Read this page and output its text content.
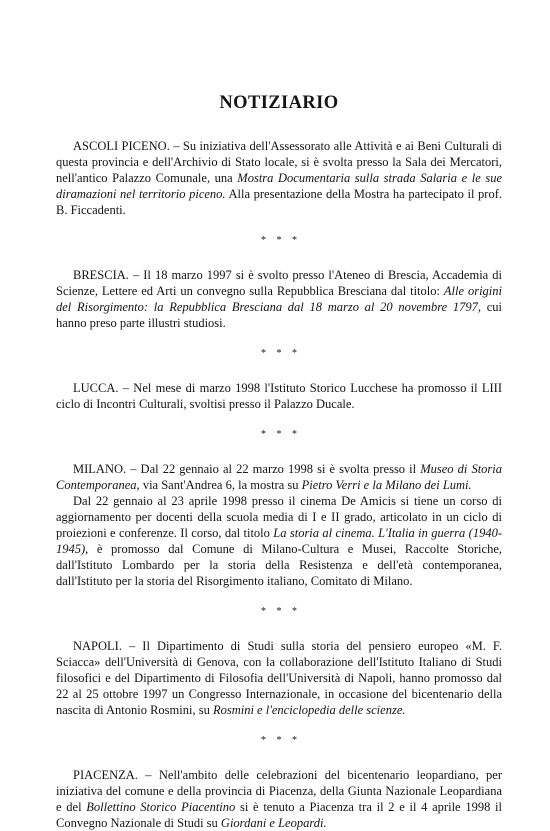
NOTIZIARIO

ASCOLI PICENO. – Su iniziativa dell'Assessorato alle Attività e ai Beni Culturali di questa provincia e dell'Archivio di Stato locale, si è svolta presso la Sala dei Mercatori, nell'antico Palazzo Comunale, una Mostra Documentaria sulla strada Salaria e le sue diramazioni nel territorio piceno. Alla presentazione della Mostra ha partecipato il prof. B. Ficcadenti.

* * *

BRESCIA. – Il 18 marzo 1997 si è svolto presso l'Ateneo di Brescia, Accademia di Scienze, Lettere ed Arti un convegno sulla Repubblica Bresciana dal titolo: Alle origini del Risorgimento: la Repubblica Bresciana dal 18 marzo al 20 novembre 1797, cui hanno preso parte illustri studiosi.

* * *

LUCCA. – Nel mese di marzo 1998 l'Istituto Storico Lucchese ha promosso il LIII ciclo di Incontri Culturali, svoltisi presso il Palazzo Ducale.

* * *

MILANO. – Dal 22 gennaio al 22 marzo 1998 si è svolta presso il Museo di Storia Contemporanea, via Sant'Andrea 6, la mostra su Pietro Verri e la Milano dei Lumi.

Dal 22 gennaio al 23 aprile 1998 presso il cinema De Amicis si tiene un corso di aggiornamento per docenti della scuola media di I e II grado, articolato in un ciclo di proiezioni e conferenze. Il corso, dal titolo La storia al cinema. L'Italia in guerra (1940-1945), è promosso dal Comune di Milano-Cultura e Musei, Raccolte Storiche, dall'Istituto Lombardo per la storia della Resistenza e dell'età contemporanea, dall'Istituto per la storia del Risorgimento italiano, Comitato di Milano.

* * *

NAPOLI. – Il Dipartimento di Studi sulla storia del pensiero europeo «M. F. Sciacca» dell'Università di Genova, con la collaborazione dell'Istituto Italiano di Studi filosofici e del Dipartimento di Filosofia dell'Università di Napoli, hanno promosso dal 22 al 25 ottobre 1997 un Congresso Internazionale, in occasione del bicentenario della nascita di Antonio Rosmini, su Rosmini e l'enciclopedia delle scienze.

* * *

PIACENZA. – Nell'ambito delle celebrazioni del bicentenario leopardiano, per iniziativa del comune e della provincia di Piacenza, della Giunta Nazionale Leopardiana e del Bollettino Storico Piacentino si è tenuto a Piacenza tra il 2 e il 4 aprile 1998 il Convegno Nazionale di Studi su Giordani e Leopardi.
